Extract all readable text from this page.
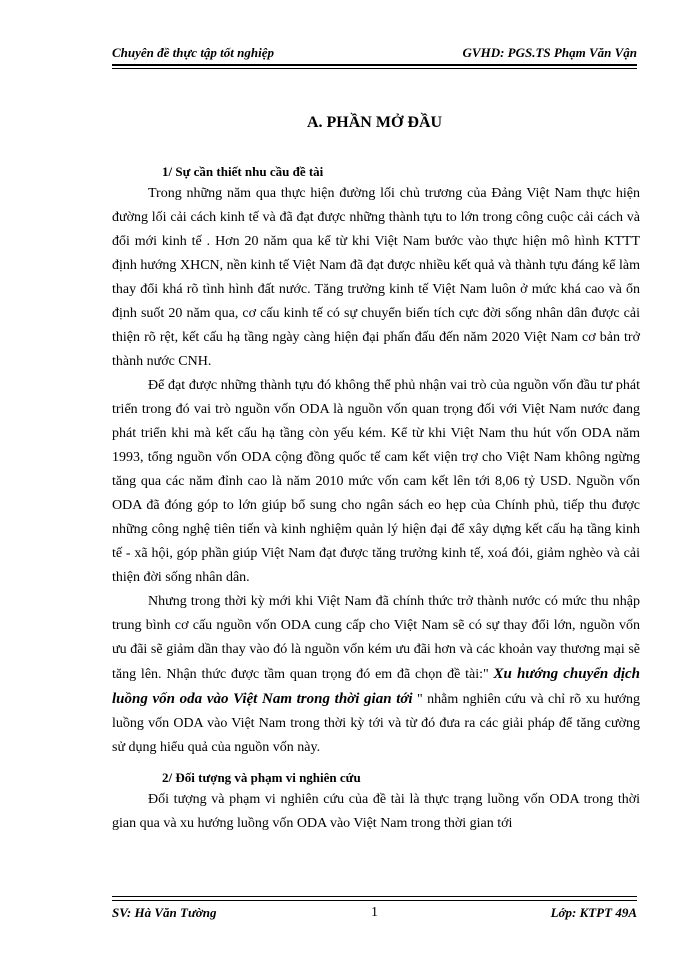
Chuyên đề thực tập tốt nghiệp	GVHD: PGS.TS Phạm Văn Vận
A. PHẦN MỞ ĐẦU

1/ Sự cần thiết nhu cầu đề tài

Trong những năm qua thực hiện đường lối chủ trương của Đảng Việt Nam thực hiện đường lối cải cách kinh tế và đã đạt được những thành tựu to lớn trong công cuộc cải cách và đổi mới kinh tế . Hơn 20 năm qua kể từ khi Việt Nam bước vào thực hiện mô hình KTTT định hướng XHCN, nền kinh tế Việt Nam đã đạt được nhiều kết quả và thành tựu đáng kể làm thay đổi khá rõ tình hình đất nước. Tăng trưởng kinh tế Việt Nam luôn ở mức khá cao và ổn định suốt 20 năm qua, cơ cấu kinh tế có sự chuyển biến tích cực đời sống nhân dân được cải thiện rõ rệt, kết cấu hạ tầng ngày càng hiện đại phấn đấu đến năm 2020 Việt Nam cơ bản trở thành nước CNH.

Để đạt được những thành tựu đó không thể phủ nhận vai trò của nguồn vốn đầu tư phát triển trong đó vai trò nguồn vốn ODA là nguồn vốn quan trọng đối với Việt Nam nước đang phát triển khi mà kết cấu hạ tầng còn yếu kém. Kể từ khi Việt Nam thu hút vốn ODA năm 1993, tổng nguồn vốn ODA cộng đồng quốc tế cam kết viện trợ cho Việt Nam không ngừng tăng qua các năm đỉnh cao là năm 2010 mức vốn cam kết lên tới 8,06 tỷ USD. Nguồn vốn ODA đã đóng góp to lớn giúp bổ sung cho ngân sách eo hẹp của Chính phủ, tiếp thu được những công nghệ tiên tiến và kinh nghiệm quản lý hiện đại để xây dựng kết cấu hạ tầng kinh tế - xã hội, góp phần giúp Việt Nam đạt được tăng trưởng kinh tế, xoá đói, giảm nghèo và cải thiện đời sống nhân dân.

Nhưng trong thời kỳ mới khi Việt Nam đã chính thức trở thành nước có mức thu nhập trung bình cơ cấu nguồn vốn ODA cung cấp cho Việt Nam sẽ có sự thay đổi lớn, nguồn vốn ưu đãi sẽ giảm dần thay vào đó là nguồn vốn kém ưu đãi hơn và các khoản vay thương mại sẽ tăng lên. Nhận thức được tầm quan trọng đó em đã chọn đề tài:" Xu hướng chuyển dịch luồng vốn oda vào Việt Nam trong thời gian tới " nhằm nghiên cứu và chỉ rõ xu hướng luồng vốn ODA vào Việt Nam trong thời kỳ tới và từ đó đưa ra các giải pháp để tăng cường sử dụng hiểu quả của nguồn vốn này.

2/ Đối tượng và phạm vi nghiên cứu

Đối tượng và phạm vi nghiên cứu của đề tài là thực trạng luồng vốn ODA trong thời gian qua và xu hướng luồng vốn ODA vào Việt Nam trong thời gian tới

SV: Hà Văn Tường	1	Lớp: KTPT 49A
